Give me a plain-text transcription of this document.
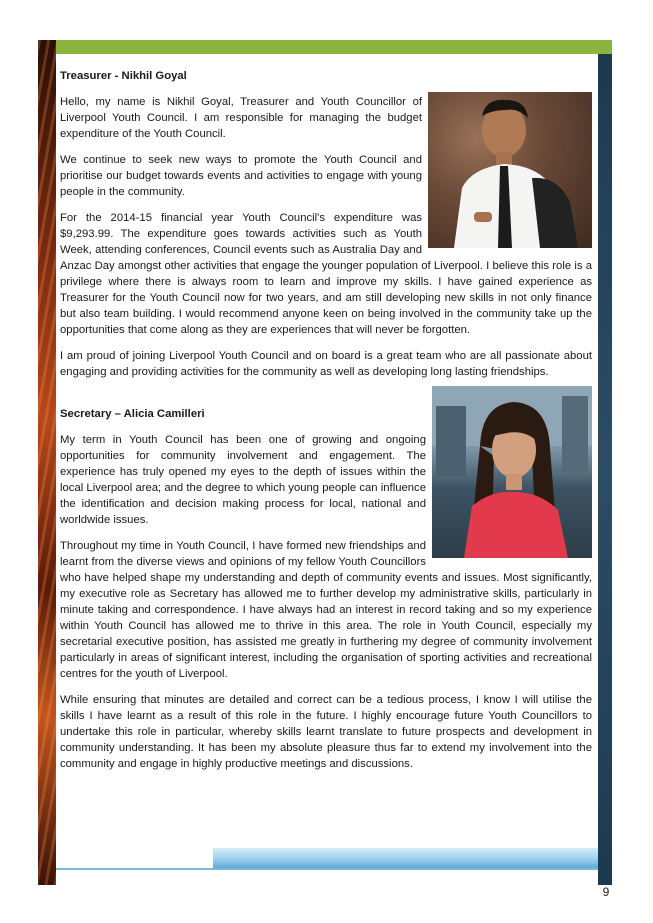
Treasurer - Nikhil Goyal

Hello, my name is Nikhil Goyal, Treasurer and Youth Councillor of Liverpool Youth Council. I am responsible for managing the budget expenditure of the Youth Council.

We continue to seek new ways to promote the Youth Council and prioritise our budget towards events and activities to engage with young people in the community.

For the 2014-15 financial year Youth Council's expenditure was $9,293.99. The expenditure goes towards activities such as Youth Week, attending conferences, Council events such as Australia Day and Anzac Day amongst other activities that engage the younger population of Liverpool. I believe this role is a privilege where there is always room to learn and improve my skills. I have gained experience as Treasurer for the Youth Council now for two years, and am still developing new skills in not only finance but also team building. I would recommend anyone keen on being involved in the community take up the opportunities that come along as they are experiences that will never be forgotten.

I am proud of joining Liverpool Youth Council and on board is a great team who are all passionate about engaging and providing activities for the community as well as developing long lasting friendships.

Secretary – Alicia Camilleri

My term in Youth Council has been one of growing and ongoing opportunities for community involvement and engagement. The experience has truly opened my eyes to the depth of issues within the local Liverpool area; and the degree to which young people can influence the identification and decision making process for local, national and worldwide issues.

Throughout my time in Youth Council, I have formed new friendships and learnt from the diverse views and opinions of my fellow Youth Councillors who have helped shape my understanding and depth of community events and issues. Most significantly, my executive role as Secretary has allowed me to further develop my administrative skills, particularly in minute taking and correspondence. I have always had an interest in record taking and so my experience within Youth Council has allowed me to thrive in this area. The role in Youth Council, especially my secretarial executive position, has assisted me greatly in furthering my degree of community involvement particularly in areas of significant interest, including the organisation of sporting activities and recreational centres for the youth of Liverpool.

While ensuring that minutes are detailed and correct can be a tedious process, I know I will utilise the skills I have learnt as a result of this role in the future. I highly encourage future Youth Councillors to undertake this role in particular, whereby skills learnt translate to future prospects and development in community understanding. It has been my absolute pleasure thus far to extend my involvement into the community and engage in highly productive meetings and discussions.

9
